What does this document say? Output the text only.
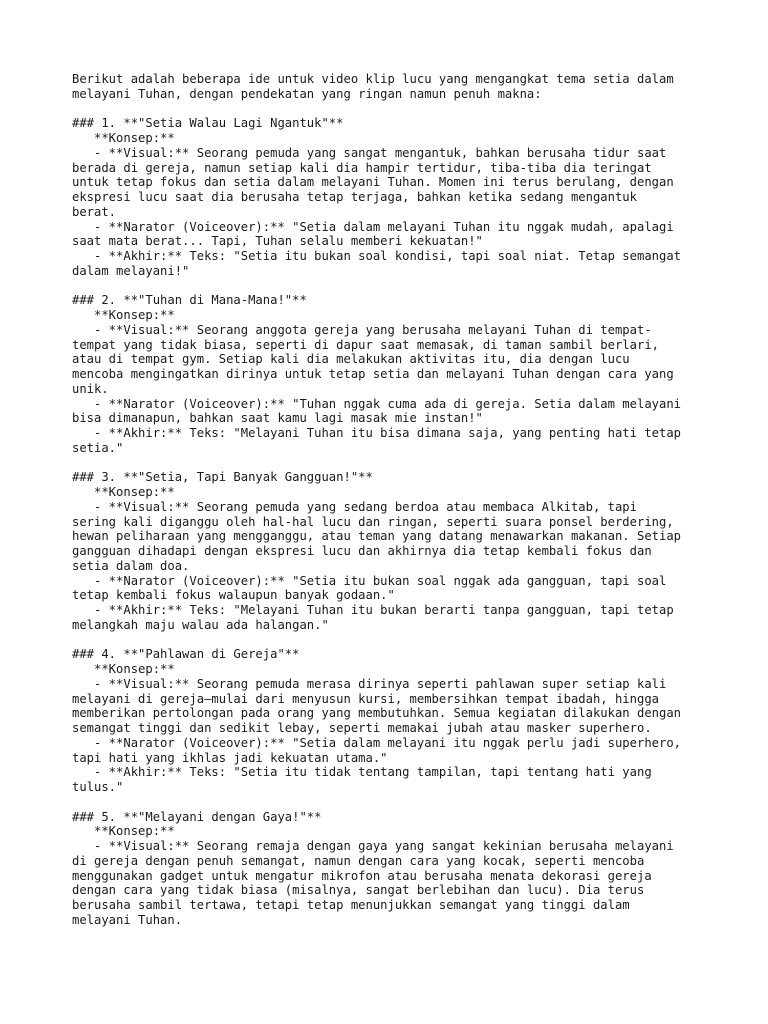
Berikut adalah beberapa ide untuk video klip lucu yang mengangkat tema setia dalam
melayani Tuhan, dengan pendekatan yang ringan namun penuh makna:
### 1. **"Setia Walau Lagi Ngantuk"**
**Konsep:**
- **Visual:** Seorang pemuda yang sangat mengantuk, bahkan berusaha tidur saat
berada di gereja, namun setiap kali dia hampir tertidur, tiba-tiba dia teringat
untuk tetap fokus dan setia dalam melayani Tuhan. Momen ini terus berulang, dengan
ekspresi lucu saat dia berusaha tetap terjaga, bahkan ketika sedang mengantuk
berat.
- **Narator (Voiceover):** "Setia dalam melayani Tuhan itu nggak mudah, apalagi
saat mata berat... Tapi, Tuhan selalu memberi kekuatan!"
- **Akhir:** Teks: "Setia itu bukan soal kondisi, tapi soal niat. Tetap semangat
dalam melayani!"
### 2. **"Tuhan di Mana-Mana!"**
**Konsep:**
- **Visual:** Seorang anggota gereja yang berusaha melayani Tuhan di tempat-
tempat yang tidak biasa, seperti di dapur saat memasak, di taman sambil berlari,
atau di tempat gym. Setiap kali dia melakukan aktivitas itu, dia dengan lucu
mencoba mengingatkan dirinya untuk tetap setia dan melayani Tuhan dengan cara yang
unik.
- **Narator (Voiceover):** "Tuhan nggak cuma ada di gereja. Setia dalam melayani
bisa dimanapun, bahkan saat kamu lagi masak mie instan!"
- **Akhir:** Teks: "Melayani Tuhan itu bisa dimana saja, yang penting hati tetap
setia."
### 3. **"Setia, Tapi Banyak Gangguan!"**
**Konsep:**
- **Visual:** Seorang pemuda yang sedang berdoa atau membaca Alkitab, tapi
sering kali diganggu oleh hal-hal lucu dan ringan, seperti suara ponsel berdering,
hewan peliharaan yang mengganggu, atau teman yang datang menawarkan makanan. Setiap
gangguan dihadapi dengan ekspresi lucu dan akhirnya dia tetap kembali fokus dan
setia dalam doa.
- **Narator (Voiceover):** "Setia itu bukan soal nggak ada gangguan, tapi soal
tetap kembali fokus walaupun banyak godaan."
- **Akhir:** Teks: "Melayani Tuhan itu bukan berarti tanpa gangguan, tapi tetap
melangkah maju walau ada halangan."
### 4. **"Pahlawan di Gereja"**
**Konsep:**
- **Visual:** Seorang pemuda merasa dirinya seperti pahlawan super setiap kali
melayani di gereja—mulai dari menyusun kursi, membersihkan tempat ibadah, hingga
memberikan pertolongan pada orang yang membutuhkan. Semua kegiatan dilakukan dengan
semangat tinggi dan sedikit lebay, seperti memakai jubah atau masker superhero.
- **Narator (Voiceover):** "Setia dalam melayani itu nggak perlu jadi superhero,
tapi hati yang ikhlas jadi kekuatan utama."
- **Akhir:** Teks: "Setia itu tidak tentang tampilan, tapi tentang hati yang
tulus."
### 5. **"Melayani dengan Gaya!"**
**Konsep:**
- **Visual:** Seorang remaja dengan gaya yang sangat kekinian berusaha melayani
di gereja dengan penuh semangat, namun dengan cara yang kocak, seperti mencoba
menggunakan gadget untuk mengatur mikrofon atau berusaha menata dekorasi gereja
dengan cara yang tidak biasa (misalnya, sangat berlebihan dan lucu). Dia terus
berusaha sambil tertawa, tetapi tetap menunjukkan semangat yang tinggi dalam
melayani Tuhan.
